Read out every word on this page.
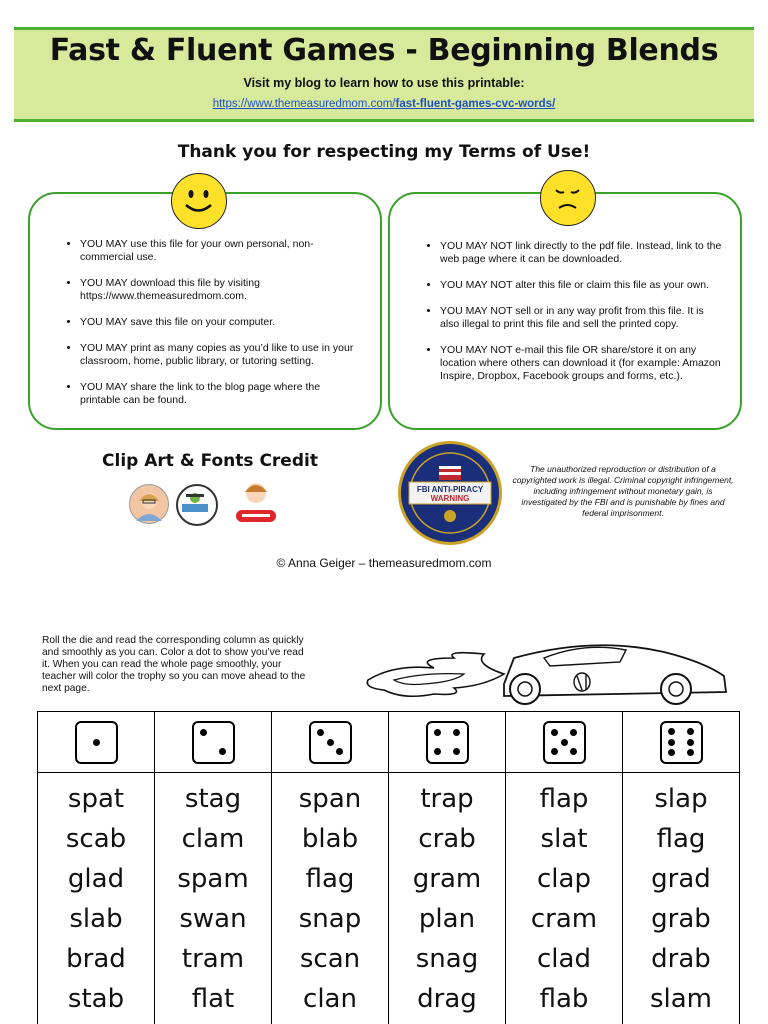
Fast & Fluent Games - Beginning Blends
Visit my blog to learn how to use this printable:
https://www.themeasuredmom.com/fast-fluent-games-cvc-words/
Thank you for respecting my Terms of Use!
• YOU MAY use this file for your own personal, non-commercial use.
• YOU MAY download this file by visiting https://www.themeasuredmom.com.
• YOU MAY save this file on your computer.
• YOU MAY print as many copies as you’d like to use in your classroom, home, public library, or tutoring setting.
• YOU MAY share the link to the blog page where the printable can be found.
• YOU MAY NOT link directly to the pdf file. Instead, link to the web page where it can be downloaded.
• YOU MAY NOT alter this file or claim this file as your own.
• YOU MAY NOT sell or in any way profit from this file. It is also illegal to print this file and sell the printed copy.
• YOU MAY NOT e-mail this file OR share/store it on any location where others can download it (for example: Amazon Inspire, Dropbox, Facebook groups and forms, etc.).
Clip Art & Fonts Credit
FBI ANTI-PIRACY
WARNING
The unauthorized reproduction or distribution of a copyrighted work is illegal. Criminal copyright infringement, including infringement without monetary gain, is investigated by the FBI and is punishable by fines and federal imprisonment.
© Anna Geiger – themeasuredmom.com
Roll the die and read the corresponding column as quickly and smoothly as you can. Color a dot to show you’ve read it. When you can read the whole page smoothly, your teacher will color the trophy so you can move ahead to the next page.
spat
scab
glad
slab
brad
stab
stag
clam
spam
swan
tram
flat
span
blab
flag
snap
scan
clan
trap
crab
gram
plan
snag
drag
flap
slat
clap
cram
clad
flab
slap
flag
grad
grab
drab
slam
